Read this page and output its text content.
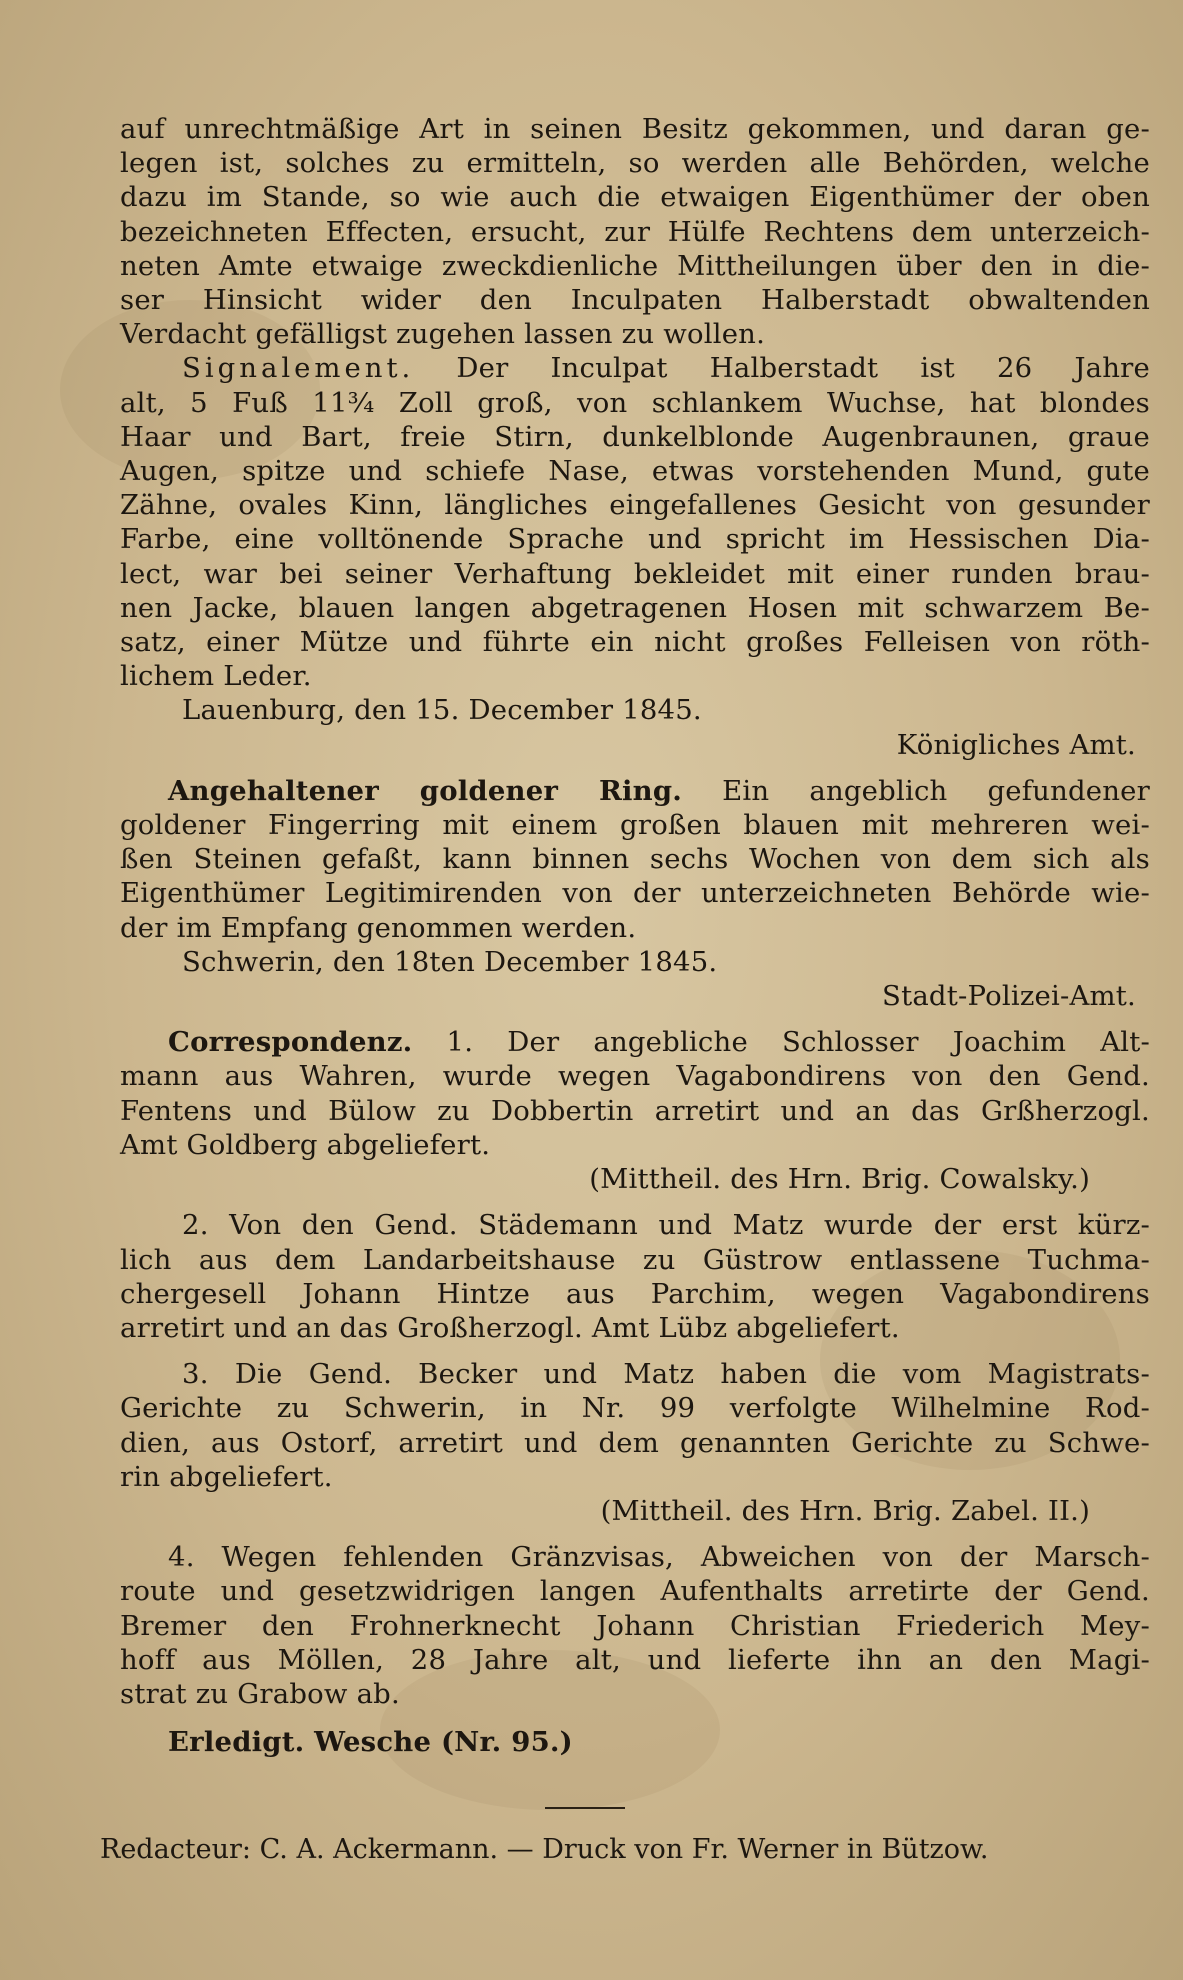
auf unrechtmäßige Art in seinen Besitz gekommen, und daran ge-
legen ist, solches zu ermitteln, so werden alle Behörden, welche
dazu im Stande, so wie auch die etwaigen Eigenthümer der oben
bezeichneten Effecten, ersucht, zur Hülfe Rechtens dem unterzeich-
neten Amte etwaige zweckdienliche Mittheilungen über den in die-
ser Hinsicht wider den Inculpaten Halberstadt obwaltenden
Verdacht gefälligst zugehen lassen zu wollen.

Signalement. Der Inculpat Halberstadt ist 26 Jahre
alt, 5 Fuß 11¾ Zoll groß, von schlankem Wuchse, hat blondes
Haar und Bart, freie Stirn, dunkelblonde Augenbraunen, graue
Augen, spitze und schiefe Nase, etwas vorstehenden Mund, gute
Zähne, ovales Kinn, längliches eingefallenes Gesicht von gesunder
Farbe, eine volltönende Sprache und spricht im Hessischen Dia-
lect, war bei seiner Verhaftung bekleidet mit einer runden brau-
nen Jacke, blauen langen abgetragenen Hosen mit schwarzem Be-
satz, einer Mütze und führte ein nicht großes Felleisen von röth-
lichem Leder.

Lauenburg, den 15. December 1845.

Königliches Amt.

Angehaltener goldener Ring. Ein angeblich gefundener
goldener Fingerring mit einem großen blauen mit mehreren wei-
ßen Steinen gefaßt, kann binnen sechs Wochen von dem sich als
Eigenthümer Legitimirenden von der unterzeichneten Behörde wie-
der im Empfang genommen werden.

Schwerin, den 18ten December 1845.

Stadt-Polizei-Amt.

Correspondenz. 1. Der angebliche Schlosser Joachim Alt-
mann aus Wahren, wurde wegen Vagabondirens von den Gend.
Fentens und Bülow zu Dobbertin arretirt und an das Grßherzogl.
Amt Goldberg abgeliefert.

(Mittheil. des Hrn. Brig. Cowalsky.)

2. Von den Gend. Städemann und Matz wurde der erst kürz-
lich aus dem Landarbeitshause zu Güstrow entlassene Tuchma-
chergesell Johann Hintze aus Parchim, wegen Vagabondirens
arretirt und an das Großherzogl. Amt Lübz abgeliefert.

3. Die Gend. Becker und Matz haben die vom Magistrats-
Gerichte zu Schwerin, in Nr. 99 verfolgte Wilhelmine Rod-
dien, aus Ostorf, arretirt und dem genannten Gerichte zu Schwe-
rin abgeliefert.

(Mittheil. des Hrn. Brig. Zabel. II.)

4. Wegen fehlenden Gränzvisas, Abweichen von der Marsch-
route und gesetzwidrigen langen Aufenthalts arretirte der Gend.
Bremer den Frohnerknecht Johann Christian Friederich Mey-
hoff aus Möllen, 28 Jahre alt, und lieferte ihn an den Magi-
strat zu Grabow ab.

Erledigt. Wesche (Nr. 95.)

Redacteur: C. A. Ackermann. — Druck von Fr. Werner in Bützow.
